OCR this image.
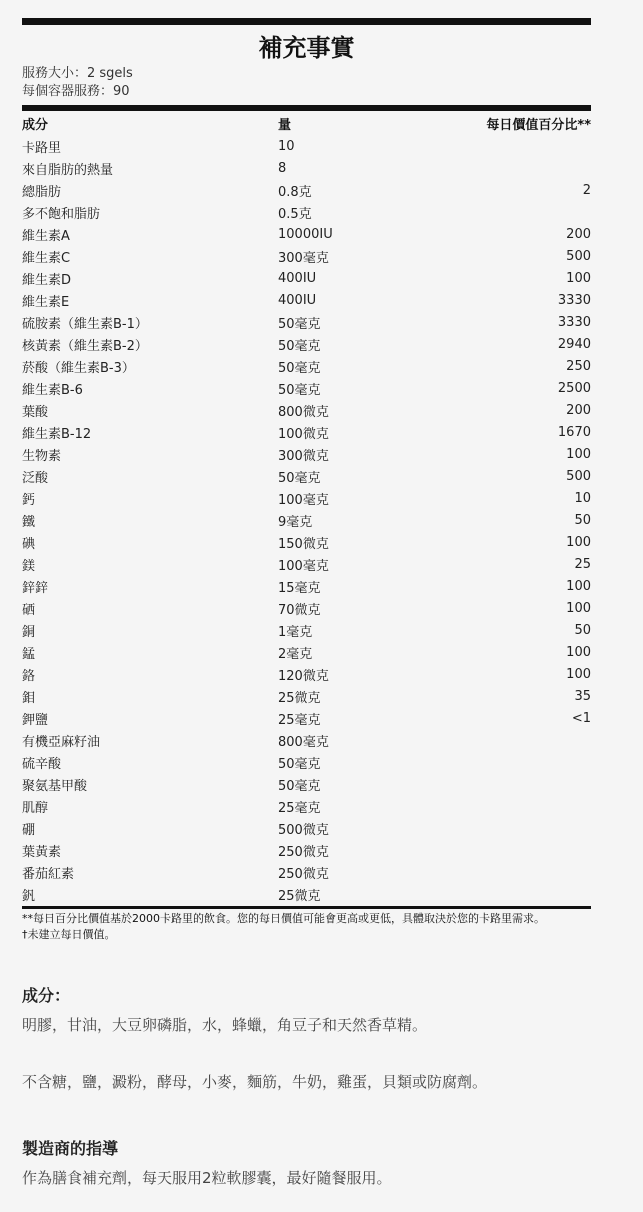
補充事實
服務大小：2 sgels
每個容器服務：90
成分	量	每日價值百分比**
卡路里	10	
來自脂肪的熱量	8	
總脂肪	0.8克	2
多不飽和脂肪	0.5克	
維生素A	10000IU	200
維生素C	300毫克	500
維生素D	400IU	100
維生素E	400IU	3330
硫胺素（維生素B-1）	50毫克	3330
核黃素（維生素B-2）	50毫克	2940
菸酸（維生素B-3）	50毫克	250
維生素B-6	50毫克	2500
葉酸	800微克	200
維生素B-12	100微克	1670
生物素	300微克	100
泛酸	50毫克	500
鈣	100毫克	10
鐵	9毫克	50
碘	150微克	100
鎂	100毫克	25
鋅鋅	15毫克	100
硒	70微克	100
銅	1毫克	50
錳	2毫克	100
鉻	120微克	100
鉬	25微克	35
鉀鹽	25毫克	<1
有機亞麻籽油	800毫克	
硫辛酸	50毫克	
聚氨基甲酸	50毫克	
肌醇	25毫克	
硼	500微克	
葉黃素	250微克	
番茄紅素	250微克	
釩	25微克	
**每日百分比價值基於2000卡路里的飲食。您的每日價值可能會更高或更低，具體取決於您的卡路里需求。
†未建立每日價值。
成分：
明膠，甘油，大豆卵磷脂，水，蜂蠟，角豆子和天然香草精。
不含糖，鹽，澱粉，酵母，小麥，麵筋，牛奶，雞蛋，貝類或防腐劑。
製造商的指導
作為膳食補充劑，每天服用2粒軟膠囊，最好隨餐服用。
